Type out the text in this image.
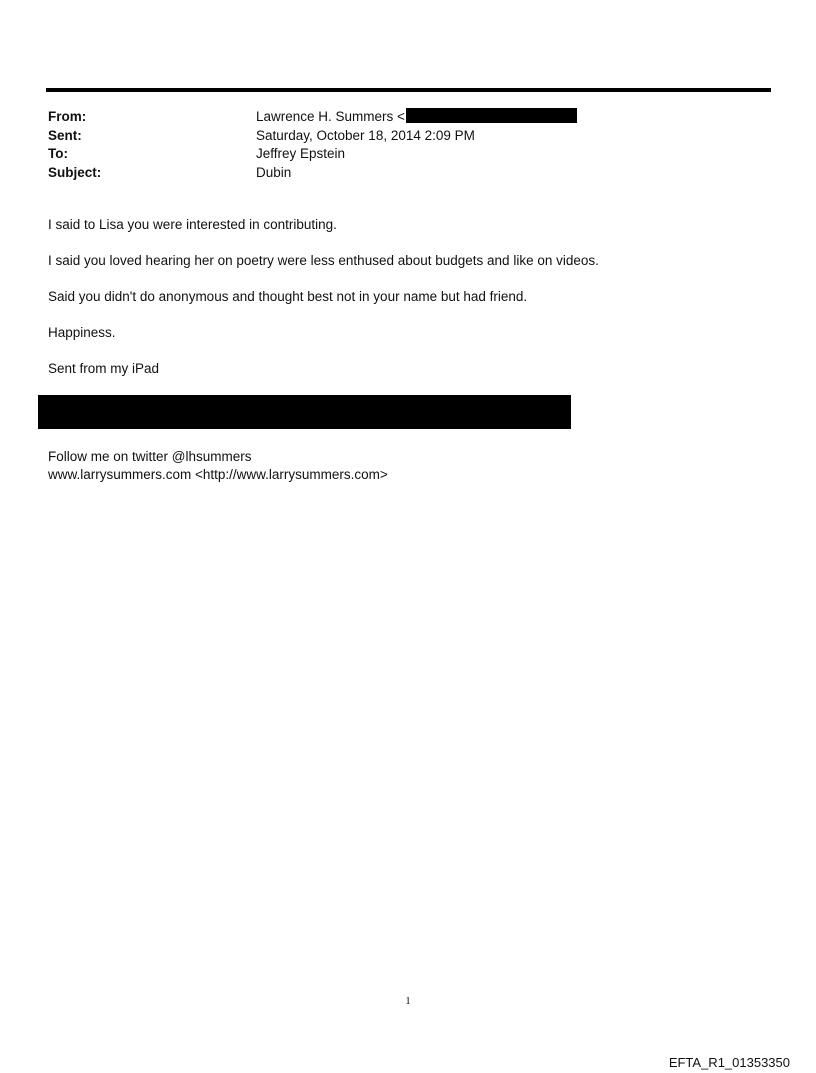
From:	Lawrence H. Summers <
Sent:	Saturday, October 18, 2014 2:09 PM
To:	Jeffrey Epstein
Subject:	Dubin

I said to Lisa you were interested in contributing.

I said you loved hearing her on poetry were less enthused about budgets and like on videos.

Said you didn't do anonymous and thought best not in your name but had friend.

Happiness.

Sent from my iPad

Follow me on twitter @lhsummers
www.larrysummers.com <http://www.larrysummers.com>
1
EFTA_R1_01353350
